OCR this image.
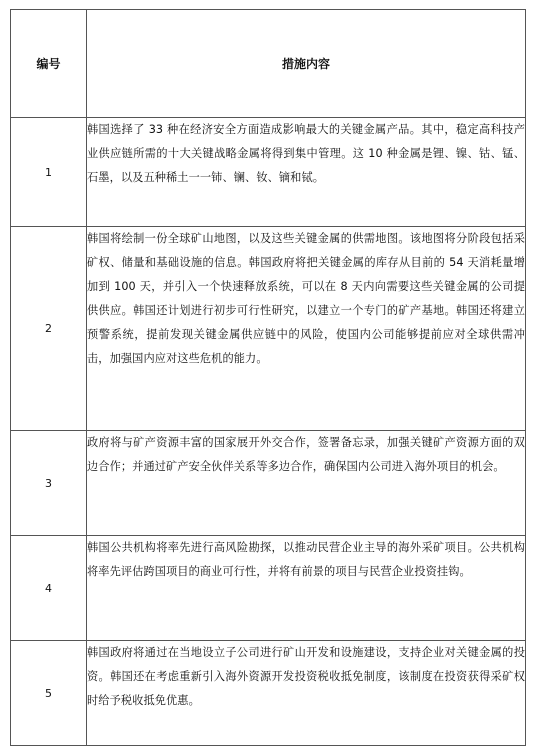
编号	措施内容
1	韩国选择了 33 种在经济安全方面造成影响最大的关键金属产品。其中，稳定高科技产业供应链所需的十大关键战略金属将得到集中管理。这 10 种金属是锂、镍、钴、锰、石墨，以及五种稀土一一铈、镧、钕、镝和铽。

2	韩国将绘制一份全球矿山地图，以及这些关键金属的供需地图。该地图将分阶段包括采矿权、储量和基础设施的信息。韩国政府将把关键金属的库存从目前的 54 天消耗量增加到 100 天，并引入一个快速释放系统，可以在 8 天内向需要这些关键金属的公司提供供应。韩国还计划进行初步可行性研究，以建立一个专门的矿产基地。韩国还将建立预警系统，提前发现关键金属供应链中的风险，使国内公司能够提前应对全球供需冲击，加强国内应对这些危机的能力。

3	政府将与矿产资源丰富的国家展开外交合作，签署备忘录，加强关键矿产资源方面的双边合作；并通过矿产安全伙伴关系等多边合作，确保国内公司进入海外项目的机会。

4	韩国公共机构将率先进行高风险勘探，以推动民营企业主导的海外采矿项目。公共机构将率先评估跨国项目的商业可行性，并将有前景的项目与民营企业投资挂钩。

5	韩国政府将通过在当地设立子公司进行矿山开发和设施建设，支持企业对关键金属的投资。韩国还在考虑重新引入海外资源开发投资税收抵免制度，该制度在投资获得采矿权时给予税收抵免优惠。
